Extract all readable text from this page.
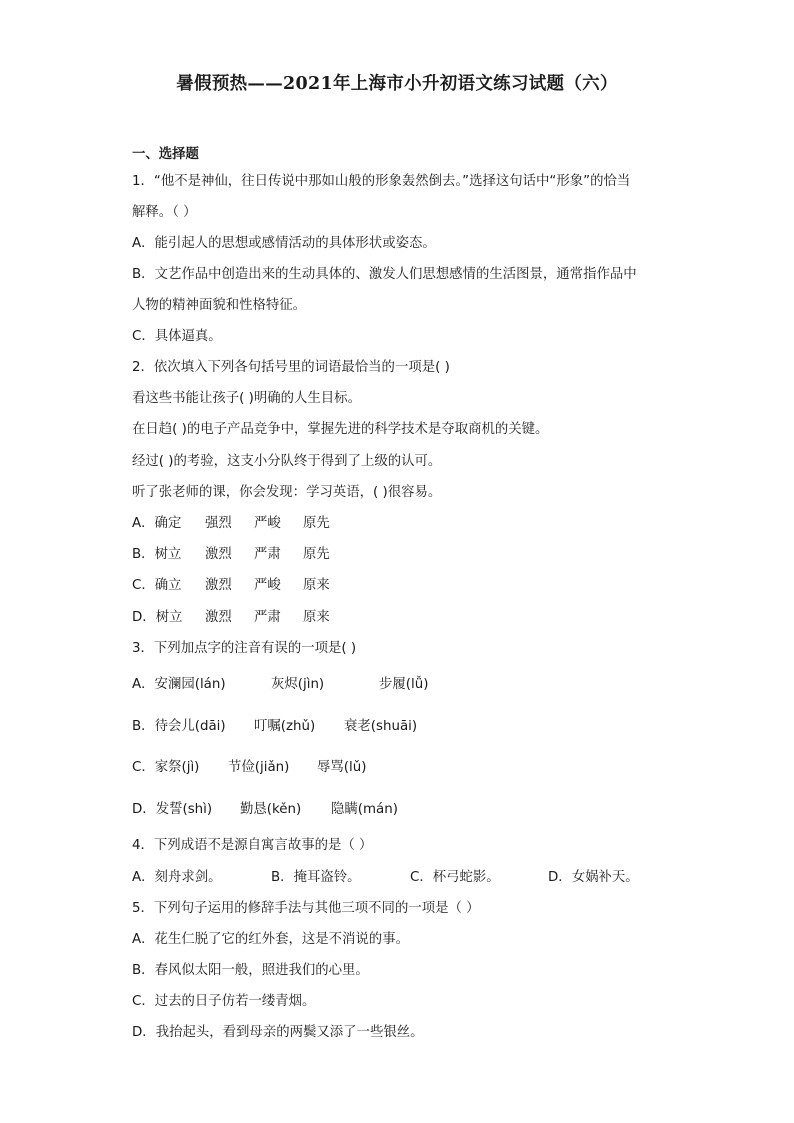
暑假预热——2021年上海市小升初语文练习试题（六）
一、选择题
1．“他不是神仙，往日传说中那如山般的形象轰然倒去。”选择这句话中“形象”的恰当
解释。（ ）
A．能引起人的思想或感情活动的具体形状或姿态。
B．文艺作品中创造出来的生动具体的、激发人们思想感情的生活图景，通常指作品中
人物的精神面貌和性格特征。
C．具体逼真。
2．依次填入下列各句括号里的词语最恰当的一项是( )
看这些书能让孩子( )明确的人生目标。
在日趋( )的电子产品竞争中，掌握先进的科学技术是夺取商机的关键。
经过( )的考验，这支小分队终于得到了上级的认可。
听了张老师的课，你会发现：学习英语，( )很容易。
A．确定 强烈 严峻 原先
B．树立 激烈 严肃 原先
C．确立 激烈 严峻 原来
D．树立 激烈 严肃 原来
3．下列加点字的注音有误的一项是( )
A．安澜园(lán)	灰烬(jìn)	步履(lǚ)
B．待会儿(dāi) 叮嘱(zhǔ) 衰老(shuāi)
C．家祭(jì) 节俭(jiǎn) 辱骂(lǔ)
D．发誓(shì) 勤恳(kěn) 隐瞒(mán)
4．下列成语不是源自寓言故事的是（ ）
A．刻舟求剑。	B．掩耳盗铃。	C．杯弓蛇影。	D．女娲补天。
5．下列句子运用的修辞手法与其他三项不同的一项是（ ）
A．花生仁脱了它的红外套，这是不消说的事。
B．春风似太阳一般，照进我们的心里。
C．过去的日子仿若一缕青烟。
D．我抬起头，看到母亲的两鬓又添了一些银丝。
